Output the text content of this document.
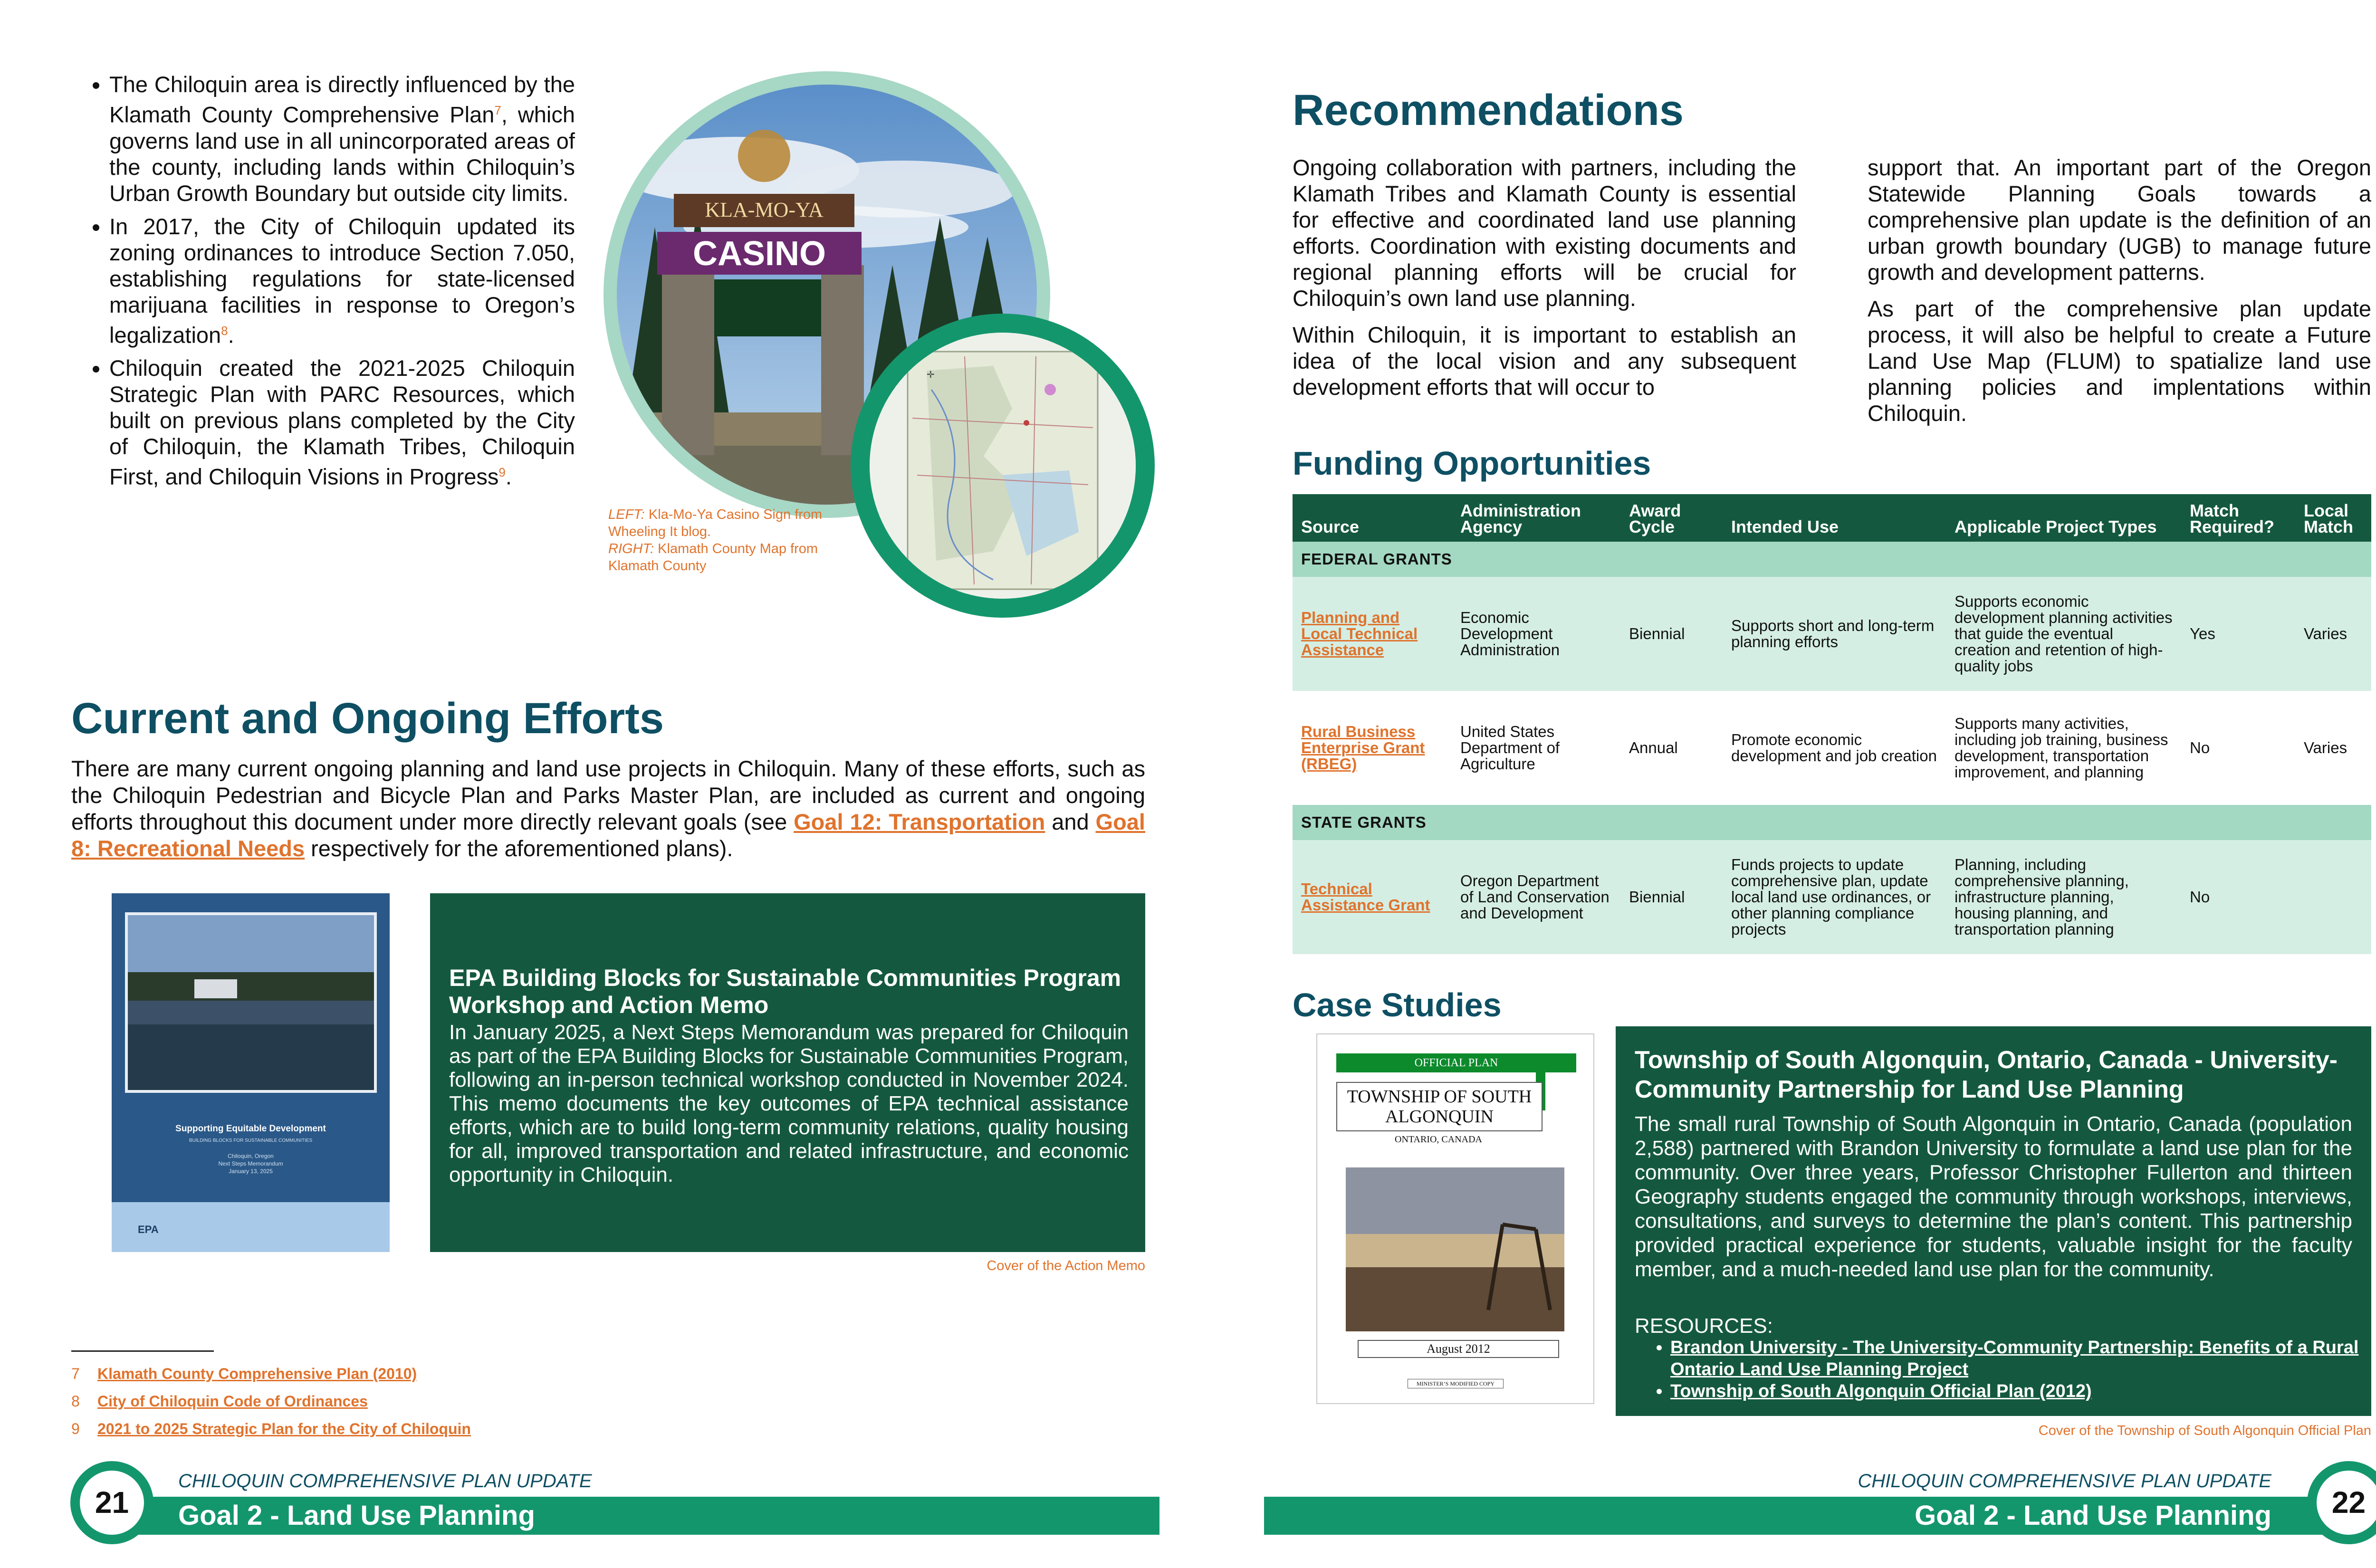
• The Chiloquin area is directly influenced by the Klamath County Comprehensive Plan$^7$, which governs land use in all unincorporated areas of the county, including lands within Chiloquin’s Urban Growth Boundary but outside city limits.
• In 2017, the City of Chiloquin updated its zoning ordinances to introduce Section 7.050, establishing regulations for state-licensed marijuana facilities in response to Oregon’s legalization$^8$.
• Chiloquin created the 2021-2025 Chiloquin Strategic Plan with PARC Resources, which built on previous plans completed by the City of Chiloquin, the Klamath Tribes, Chiloquin First, and Chiloquin Visions in Progress$^9$.
KLA-MO-YA
CASINO
✛
LEFT: Kla-Mo-Ya Casino Sign from Wheeling It blog.
RIGHT: Klamath County Map from Klamath County
Current and Ongoing Efforts
There are many current ongoing planning and land use projects in Chiloquin. Many of these efforts, such as the Chiloquin Pedestrian and Bicycle Plan and Parks Master Plan, are included as current and ongoing efforts throughout this document under more directly relevant goals (see Goal 12: Transportation and Goal 8: Recreational Needs respectively for the aforementioned plans).
Supporting Equitable Development
BUILDING BLOCKS FOR SUSTAINABLE COMMUNITIES
Chiloquin, Oregon
Next Steps Memorandum
January 13, 2025
EPA
EPA Building Blocks for Sustainable Communities Program Workshop and Action Memo
In January 2025, a Next Steps Memorandum was prepared for Chiloquin as part of the EPA Building Blocks for Sustainable Communities Program, following an in-person technical workshop conducted in November 2024. This memo documents the key outcomes of EPA technical assistance efforts, which are to build long-term community relations, quality housing for all, improved transportation and related infrastructure, and economic opportunity in Chiloquin.
Cover of the Action Memo
7 Klamath County Comprehensive Plan (2010)
8 City of Chiloquin Code of Ordinances
9 2021 to 2025 Strategic Plan for the City of Chiloquin
Recommendations

Ongoing collaboration with partners, including the Klamath Tribes and Klamath County is essential for effective and coordinated land use planning efforts. Coordination with existing documents and regional planning efforts will be crucial for Chiloquin’s own land use planning.

Within Chiloquin, it is important to establish an idea of the local vision and any subsequent development efforts that will occur to

support that. An important part of the Oregon Statewide Planning Goals towards a comprehensive plan update is the definition of an urban growth boundary (UGB) to manage future growth and development patterns.

As part of the comprehensive plan update process, it will also be helpful to create a Future Land Use Map (FLUM) to spatialize land use planning policies and implentations within Chiloquin.

Funding Opportunities
Source	Administration Agency	Award Cycle	Intended Use	Applicable Project Types	Match Required?	Local Match
FEDERAL GRANTS						
Planning and Local Technical Assistance	Economic Development Administration	Biennial	Supports short and long-term planning efforts	Supports economic development planning activities that guide the eventual creation and retention of high-quality jobs	Yes	Varies
Rural Business Enterprise Grant (RBEG)	United States Department of Agriculture	Annual	Promote economic development and job creation	Supports many activities, including job training, business development, transportation improvement, and planning	No	Varies
STATE GRANTS						
Technical Assistance Grant	Oregon Department of Land Conservation and Development	Biennial	Funds projects to update comprehensive plan, update local land use ordinances, or other planning compliance projects	Planning, including comprehensive planning, infrastructure planning, housing planning, and transportation planning	No	
Case Studies
OFFICIAL PLAN
TOWNSHIP OF SOUTH ALGONQUIN
ONTARIO, CANADA
August 2012
MINISTER’S MODIFIED COPY
Township of South Algonquin, Ontario, Canada - University-Community Partnership for Land Use Planning
The small rural Township of South Algonquin in Ontario, Canada (population 2,588) partnered with Brandon University to formulate a land use plan for the community. Over three years, Professor Christopher Fullerton and thirteen Geography students engaged the community through workshops, interviews, consultations, and surveys to determine the plan’s content. This partnership provided practical experience for students, valuable insight for the faculty member, and a much-needed land use plan for the community.
RESOURCES:
• Brandon University - The University-Community Partnership: Benefits of a Rural Ontario Land Use Planning Project
• Township of South Algonquin Official Plan (2012)
Cover of the Township of South Algonquin Official Plan
21	22
CHILOQUIN COMPREHENSIVE PLAN UPDATE
Goal 2 - Land Use Planning
CHILOQUIN COMPREHENSIVE PLAN UPDATE
Goal 2 - Land Use Planning
